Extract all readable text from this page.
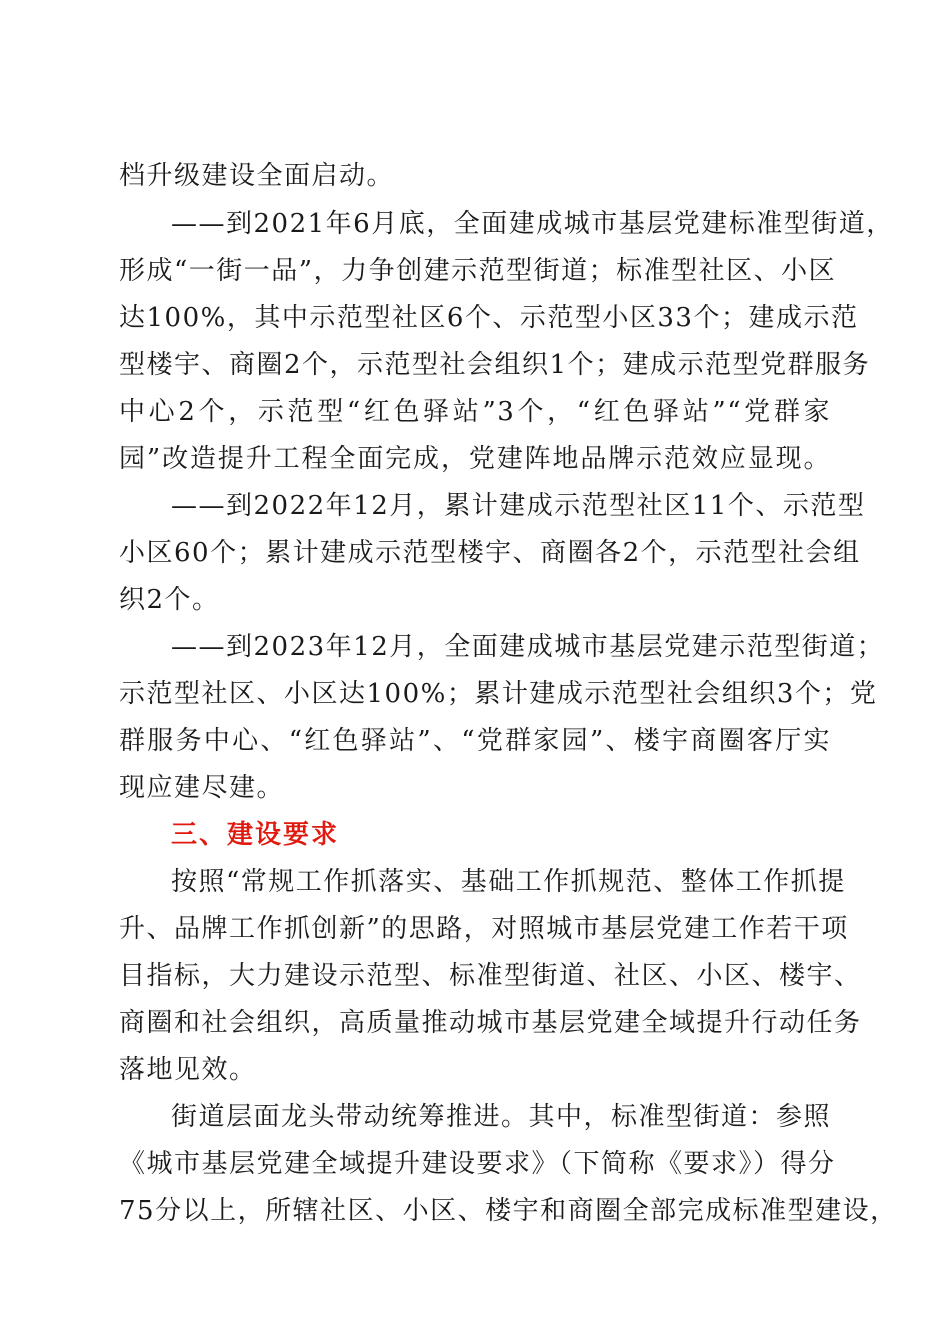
档升级建设全面启动。
——到2021年6月底，全面建成城市基层党建标准型街道，
形成“一街一品”，力争创建示范型街道；标准型社区、小区
达100%，其中示范型社区6个、示范型小区33个；建成示范
型楼宇、商圈2个，示范型社会组织1个；建成示范型党群服务
中心2个，示范型“红色驿站”3个，“红色驿站”“党群家
园”改造提升工程全面完成，党建阵地品牌示范效应显现。
——到2022年12月，累计建成示范型社区11个、示范型
小区60个；累计建成示范型楼宇、商圈各2个，示范型社会组
织2个。
——到2023年12月，全面建成城市基层党建示范型街道；
示范型社区、小区达100%；累计建成示范型社会组织3个；党
群服务中心、“红色驿站”、“党群家园”、楼宇商圈客厅实
现应建尽建。
三、建设要求
按照“常规工作抓落实、基础工作抓规范、整体工作抓提
升、品牌工作抓创新”的思路，对照城市基层党建工作若干项
目指标，大力建设示范型、标准型街道、社区、小区、楼宇、
商圈和社会组织，高质量推动城市基层党建全域提升行动任务
落地见效。
街道层面龙头带动统筹推进。其中，标准型街道：参照
《城市基层党建全域提升建设要求》（下简称《要求》）得分
75分以上，所辖社区、小区、楼宇和商圈全部完成标准型建设，
